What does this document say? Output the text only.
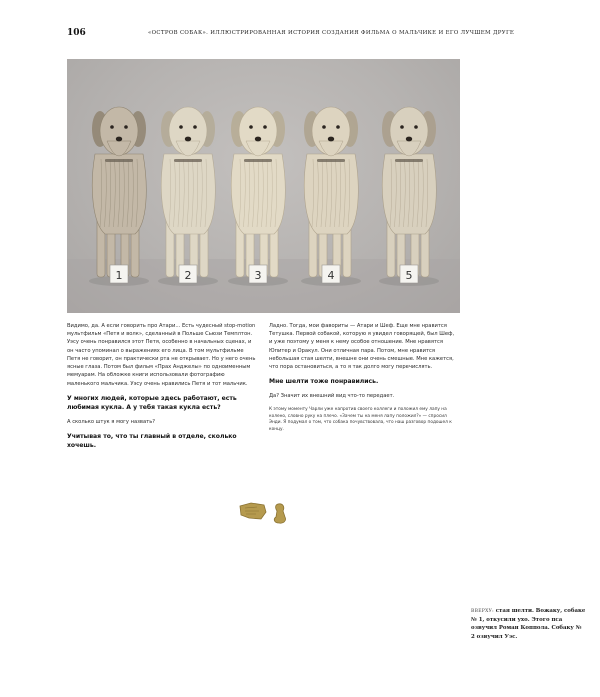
106	«ОСТРОВ СОБАК». ИЛЛЮСТРИРОВАННАЯ ИСТОРИЯ СОЗДАНИЯ ФИЛЬМА О МАЛЬЧИКЕ И ЕГО ЛУЧШЕМ ДРУГЕ
1	2	3	4	5

Видимо, да. А если говорить про Атари... Есть чудесный stop-motion мультфильм «Петя и волк», сделанный в Польше Сьюзи Темплтон. Уэсу очень понравился этот Петя, особенно в начальных сценах, и он часто упоминал о выражениях его лица. В том мультфильме Петя не говорит, он практически рта не открывает. Но у него очень ясные глаза. Потом был фильм «Прах Анджелы» по одноименным мемуарам. На обложке книги использовали фотографию маленького мальчика. Уэсу очень нравились Петя и тот мальчик.

У многих людей, которые здесь работают, есть любимая кукла. А у тебя такая кукла есть?

А сколько штук я могу назвать?

Учитывая то, что ты главный в отделе, сколько хочешь.

Ладно. Тогда, мои фавориты — Атари и Шеф. Еще мне нравится Тетушка. Первой собакой, которую я увидел говорящей, был Шеф, и уже поэтому у меня к нему особое отношение. Мне нравятся Юпитер и Оракул. Они отличная пара. Потом, мне нравится небольшая стая шелти, внешне они очень смешные. Мне кажется, что пора остановиться, а то я так долго могу перечислять.

Мне шелти тоже понравились.

Да? Значит их внешний вид что-то передает.

К этому моменту Чарли уже напротив своего коллеги и положил ему лапу на колено, словно руку на плечо. «Зачем ты на меня лапу положил?» — спросил Энди. Я подумал о том, что собака почувствовала, что наш разговор подошел к концу.

ВВЕРХУ: стая шелти. Вожаку, собаке № 1, откусили ухо. Этого пса озвучил Роман Коппола. Собаку № 2 озвучил Уэс.
